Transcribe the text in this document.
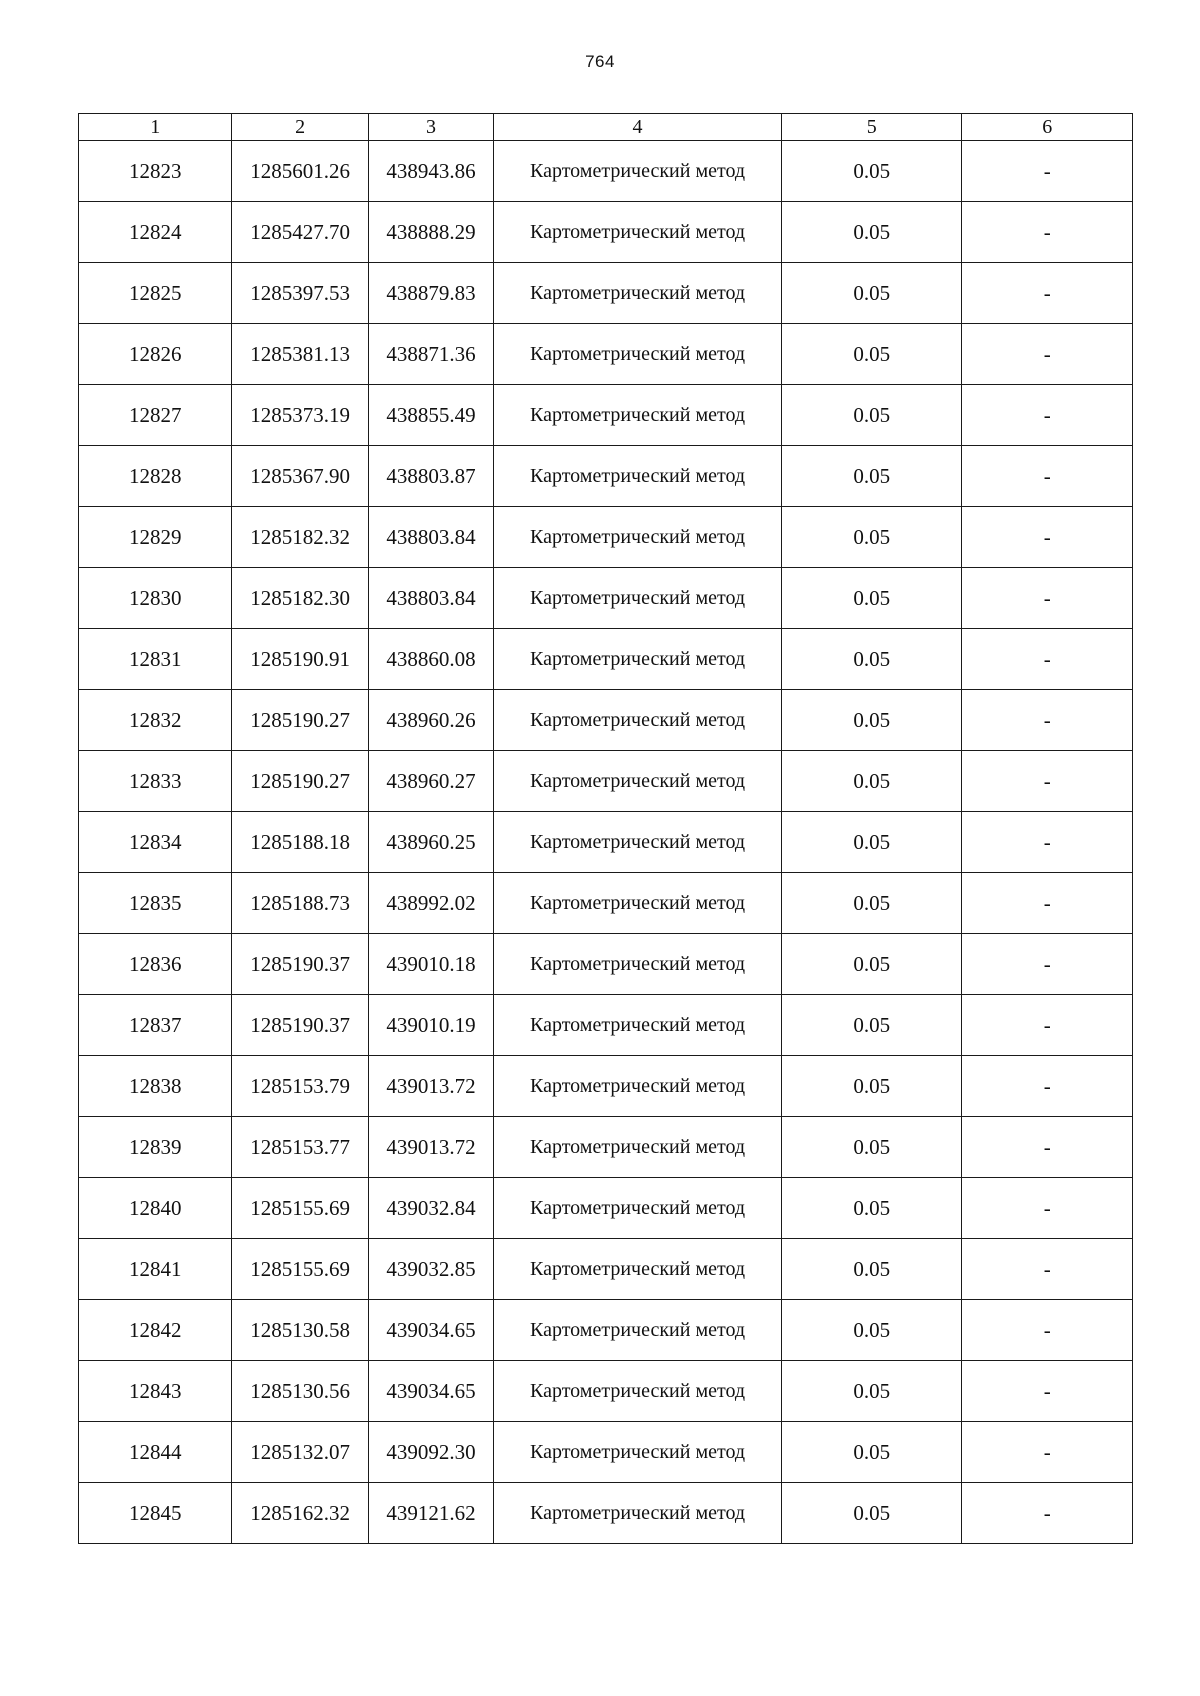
764
1	2	3	4	5	6
12823	1285601.26	438943.86	Картометрический метод	0.05	-
12824	1285427.70	438888.29	Картометрический метод	0.05	-
12825	1285397.53	438879.83	Картометрический метод	0.05	-
12826	1285381.13	438871.36	Картометрический метод	0.05	-
12827	1285373.19	438855.49	Картометрический метод	0.05	-
12828	1285367.90	438803.87	Картометрический метод	0.05	-
12829	1285182.32	438803.84	Картометрический метод	0.05	-
12830	1285182.30	438803.84	Картометрический метод	0.05	-
12831	1285190.91	438860.08	Картометрический метод	0.05	-
12832	1285190.27	438960.26	Картометрический метод	0.05	-
12833	1285190.27	438960.27	Картометрический метод	0.05	-
12834	1285188.18	438960.25	Картометрический метод	0.05	-
12835	1285188.73	438992.02	Картометрический метод	0.05	-
12836	1285190.37	439010.18	Картометрический метод	0.05	-
12837	1285190.37	439010.19	Картометрический метод	0.05	-
12838	1285153.79	439013.72	Картометрический метод	0.05	-
12839	1285153.77	439013.72	Картометрический метод	0.05	-
12840	1285155.69	439032.84	Картометрический метод	0.05	-
12841	1285155.69	439032.85	Картометрический метод	0.05	-
12842	1285130.58	439034.65	Картометрический метод	0.05	-
12843	1285130.56	439034.65	Картометрический метод	0.05	-
12844	1285132.07	439092.30	Картометрический метод	0.05	-
12845	1285162.32	439121.62	Картометрический метод	0.05	-
